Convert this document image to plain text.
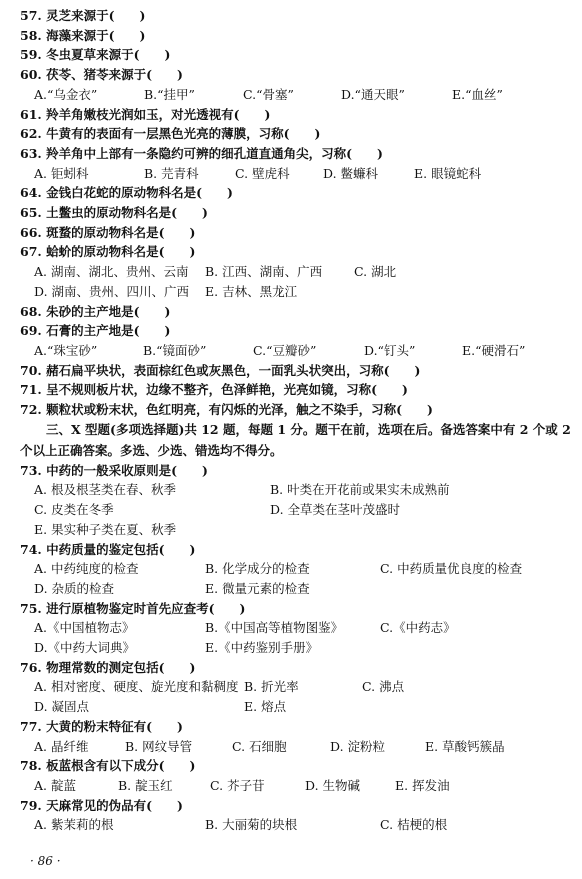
57. 灵芝来源于(　　)
58. 海藻来源于(　　)
59. 冬虫夏草来源于(　　)
60. 茯苓、猪苓来源于(　　)
A.“乌金衣”	B.“挂甲”	C.“骨塞”	D.“通天眼”	E.“血丝”
61. 羚羊角嫩枝光润如玉，对光透视有(　　)
62. 牛黄有的表面有一层黑色光亮的薄膜，习称(　　)
63. 羚羊角中上部有一条隐约可辨的细孔道直通角尖，习称(　　)
A. 钜蚓科	B. 芫青科	C. 壁虎科	D. 鳖蠊科	E. 眼镜蛇科
64. 金钱白花蛇的原动物科名是(　　)
65. 土鳖虫的原动物科名是(　　)
66. 斑蝥的原动物科名是(　　)
67. 蛤蚧的原动物科名是(　　)
A. 湖南、湖北、贵州、云南 B. 江西、湖南、广西	C. 湖北
D. 湖南、贵州、四川、广西 E. 吉林、黑龙江
68. 朱砂的主产地是(　　)
69. 石膏的主产地是(　　)
A.“珠宝砂”	B.“镜面砂”	C.“豆瓣砂”	D.“钉头”	E.“硬滑石”
70. 赭石扁平块状，表面棕红色或灰黑色，一面乳头状突出，习称(　　)
71. 呈不规则板片状，边缘不整齐，色泽鲜艳，光亮如镜，习称(　　)
72. 颗粒状或粉末状，色红明亮，有闪烁的光泽，触之不染手，习称(　　)
三、X 型题(多项选择题)共 12 题，每题 1 分。题干在前，选项在后。备选答案中有 2 个或 2 个以上正确答案。多选、少选、错选均不得分。
73. 中药的一般采收原则是(　　)
A. 根及根茎类在春、秋季	B. 叶类在开花前或果实未成熟前
C. 皮类在冬季	D. 全草类在茎叶茂盛时
E. 果实种子类在夏、秋季
74. 中药质量的鉴定包括(　　)
A. 中药纯度的检查	B. 化学成分的检查	C. 中药质量优良度的检查
D. 杂质的检查	E. 微量元素的检查
75. 进行原植物鉴定时首先应查考(　　)
A.《中国植物志》	B.《中国高等植物图鉴》	C.《中药志》
D.《中药大词典》	E.《中药鉴别手册》
76. 物理常数的测定包括(　　)
A. 相对密度、硬度、旋光度和黏稠度 B. 折光率	C. 沸点
D. 凝固点	E. 熔点
77. 大黄的粉末特征有(　　)
A. 晶纤维	B. 网纹导管	C. 石细胞	D. 淀粉粒	E. 草酸钙簇晶
78. 板蓝根含有以下成分(　　)
A. 靛蓝	B. 靛玉红	C. 芥子苷	D. 生物碱	E. 挥发油
79. 天麻常见的伪品有(　　)
A. 紫茉莉的根	B. 大丽菊的块根	C. 桔梗的根
· 86 ·
